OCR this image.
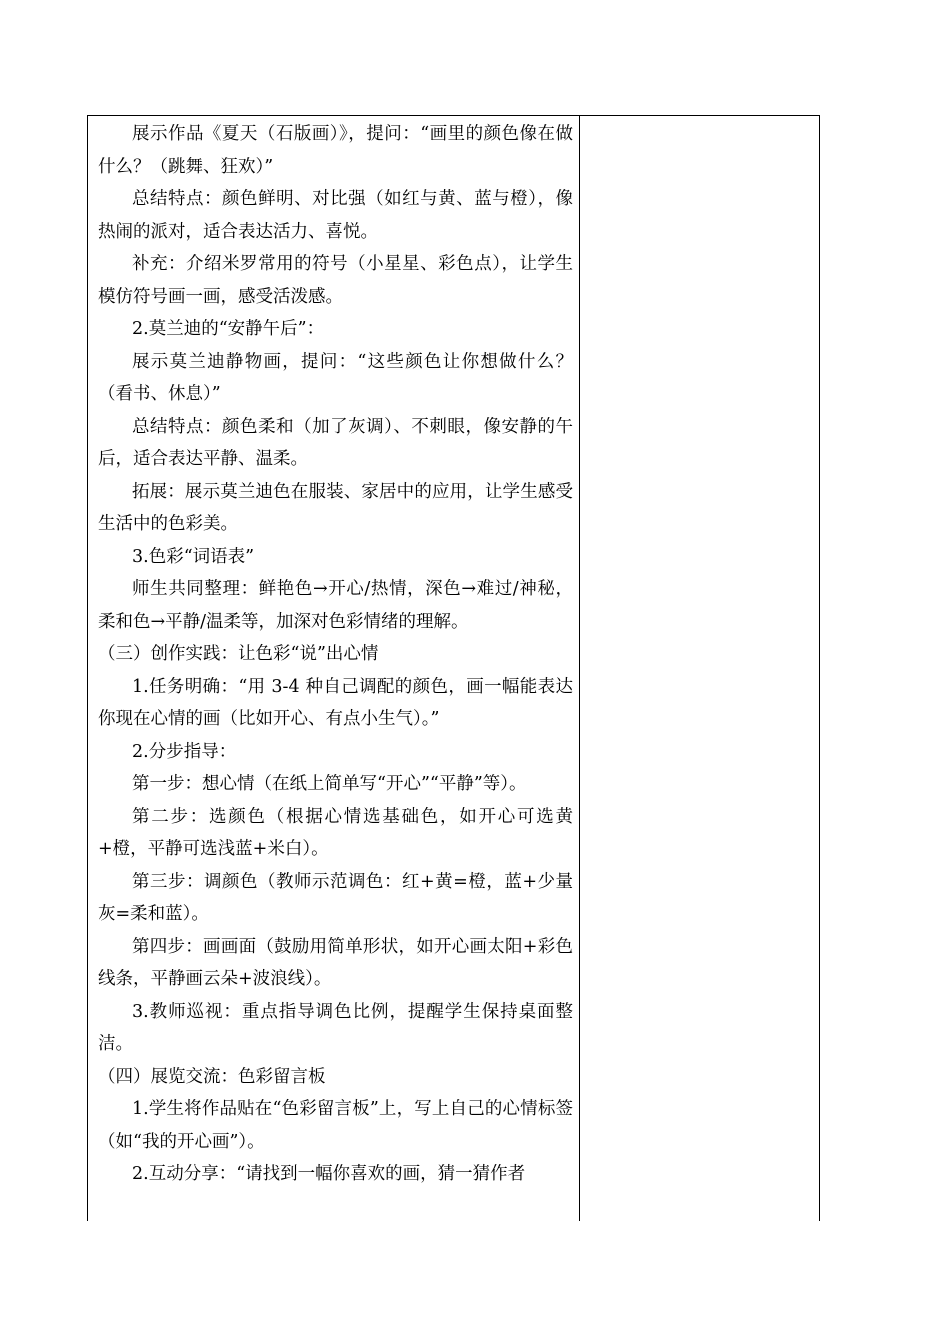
展示作品《夏天（石版画）》，提问：“画里的颜色像在做什么？（跳舞、狂欢）”

总结特点：颜色鲜明、对比强（如红与黄、蓝与橙），像热闹的派对，适合表达活力、喜悦。

补充：介绍米罗常用的符号（小星星、彩色点），让学生模仿符号画一画，感受活泼感。

2.莫兰迪的“安静午后”：

展示莫兰迪静物画，提问：“这些颜色让你想做什么？（看书、休息）”

总结特点：颜色柔和（加了灰调）、不刺眼，像安静的午后，适合表达平静、温柔。

拓展：展示莫兰迪色在服装、家居中的应用，让学生感受生活中的色彩美。

3.色彩“词语表”

师生共同整理：鲜艳色→开心/热情，深色→难过/神秘，柔和色→平静/温柔等，加深对色彩情绪的理解。

（三）创作实践：让色彩“说”出心情

1.任务明确：“用 3-4 种自己调配的颜色，画一幅能表达你现在心情的画（比如开心、有点小生气）。”

2.分步指导：

第一步：想心情（在纸上简单写“开心”“平静”等）。

第二步：选颜色（根据心情选基础色，如开心可选黄+橙，平静可选浅蓝+米白）。

第三步：调颜色（教师示范调色：红+黄=橙，蓝+少量灰=柔和蓝）。

第四步：画画面（鼓励用简单形状，如开心画太阳+彩色线条，平静画云朵+波浪线）。

3.教师巡视：重点指导调色比例，提醒学生保持桌面整洁。

（四）展览交流：色彩留言板

1.学生将作品贴在“色彩留言板”上，写上自己的心情标签（如“我的开心画”）。

2.互动分享：“请找到一幅你喜欢的画，猜一猜作者
